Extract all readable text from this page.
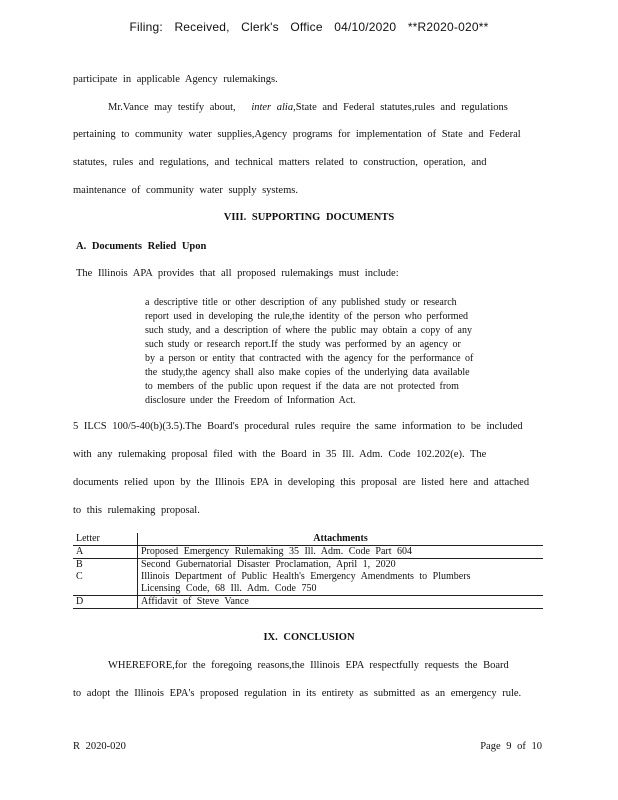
Filing: Received, Clerk's Office 04/10/2020 **R2020-020**
participate in applicable Agency rulemakings.
Mr.Vance may testify about, inter alia,State and Federal statutes,rules and regulations
pertaining to community water supplies,Agency programs for implementation of State and Federal
statutes, rules and regulations, and technical matters related to construction, operation, and
maintenance of community water supply systems.
VIII. SUPPORTING DOCUMENTS
A. Documents Relied Upon
The Illinois APA provides that all proposed rulemakings must include:
a descriptive title or other description of any published study or research
report used in developing the rule,the identity of the person who performed
such study, and a description of where the public may obtain a copy of any
such study or research report.If the study was performed by an agency or
by a person or entity that contracted with the agency for the performance of
the study,the agency shall also make copies of the underlying data available
to members of the public upon request if the data are not protected from
disclosure under the Freedom of Information Act.
5 ILCS 100/5-40(b)(3.5).The Board's procedural rules require the same information to be included
with any rulemaking proposal filed with the Board in 35 Ill. Adm. Code 102.202(e). The
documents relied upon by the Illinois EPA in developing this proposal are listed here and attached
to this rulemaking proposal.
Letter	Attachments
A	Proposed Emergency Rulemaking 35 Ill. Adm. Code Part 604
B	Second Gubernatorial Disaster Proclamation, April 1, 2020
C	Illinois Department of Public Health's Emergency Amendments to Plumbers
	Licensing Code, 68 Ill. Adm. Code 750
D	Affidavit of Steve Vance
IX. CONCLUSION
WHEREFORE,for the foregoing reasons,the Illinois EPA respectfully requests the Board
to adopt the Illinois EPA's proposed regulation in its entirety as submitted as an emergency rule.
R 2020-020	Page 9 of 10
